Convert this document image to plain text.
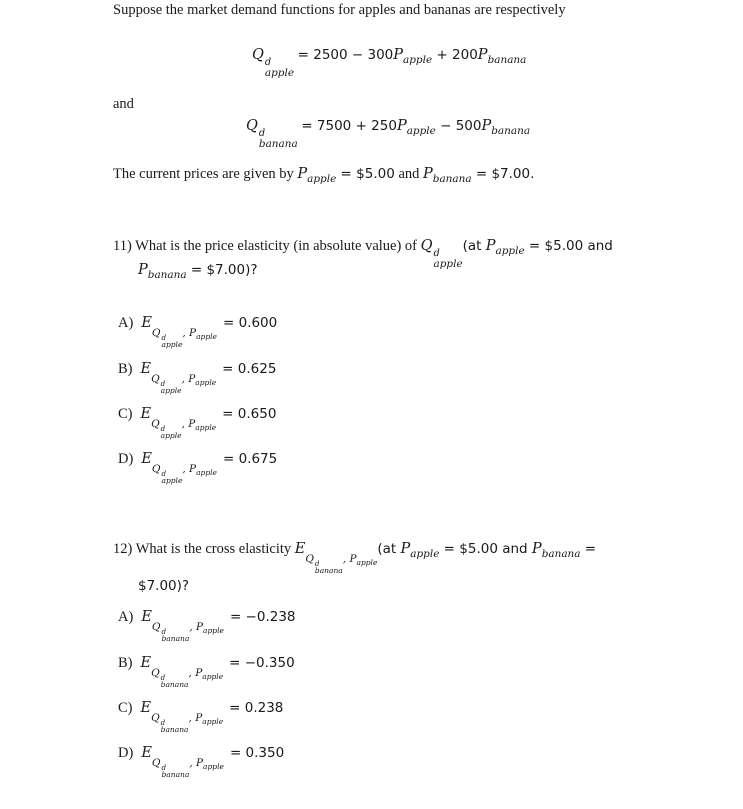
Suppose the market demand functions for apples and bananas are respectively
Q d
apple
= $2500 - 300P_{apple} + 200P_{banana}$
and
Q d
banana
= $7500 + 250P_{apple} - 500P_{banana}$
The current prices are given by $P_{apple}$ = $5.00 and $P_{banana}$ = $7.00.
11) What is the price elasticity (in absolute value) of Q d
apple
(at $P_{apple}$ = $5.00 and
$P_{banana}$ = $7.00)?
A) EQ d
apple
, $P_{apple}= 0.600$
B) EQ d
apple
, $P_{apple}= 0.625$
C) EQ d
apple
, $P_{apple}= 0.650$
D) EQ d
apple
, $P_{apple}= 0.675$
12) What is the cross elasticity EQ d
banana
, $P_{apple}(at$ $P_{apple}$ = $5.00 and $P_{banana}$ =
$7.00)?
A) EQ d
banana
, $P_{apple}= -0.238$
B) EQ d
banana
, $P_{apple}= -0.350$
C) EQ d
banana
, $P_{apple}= 0.238$
D) EQ d
banana
, $P_{apple}= 0.350$
